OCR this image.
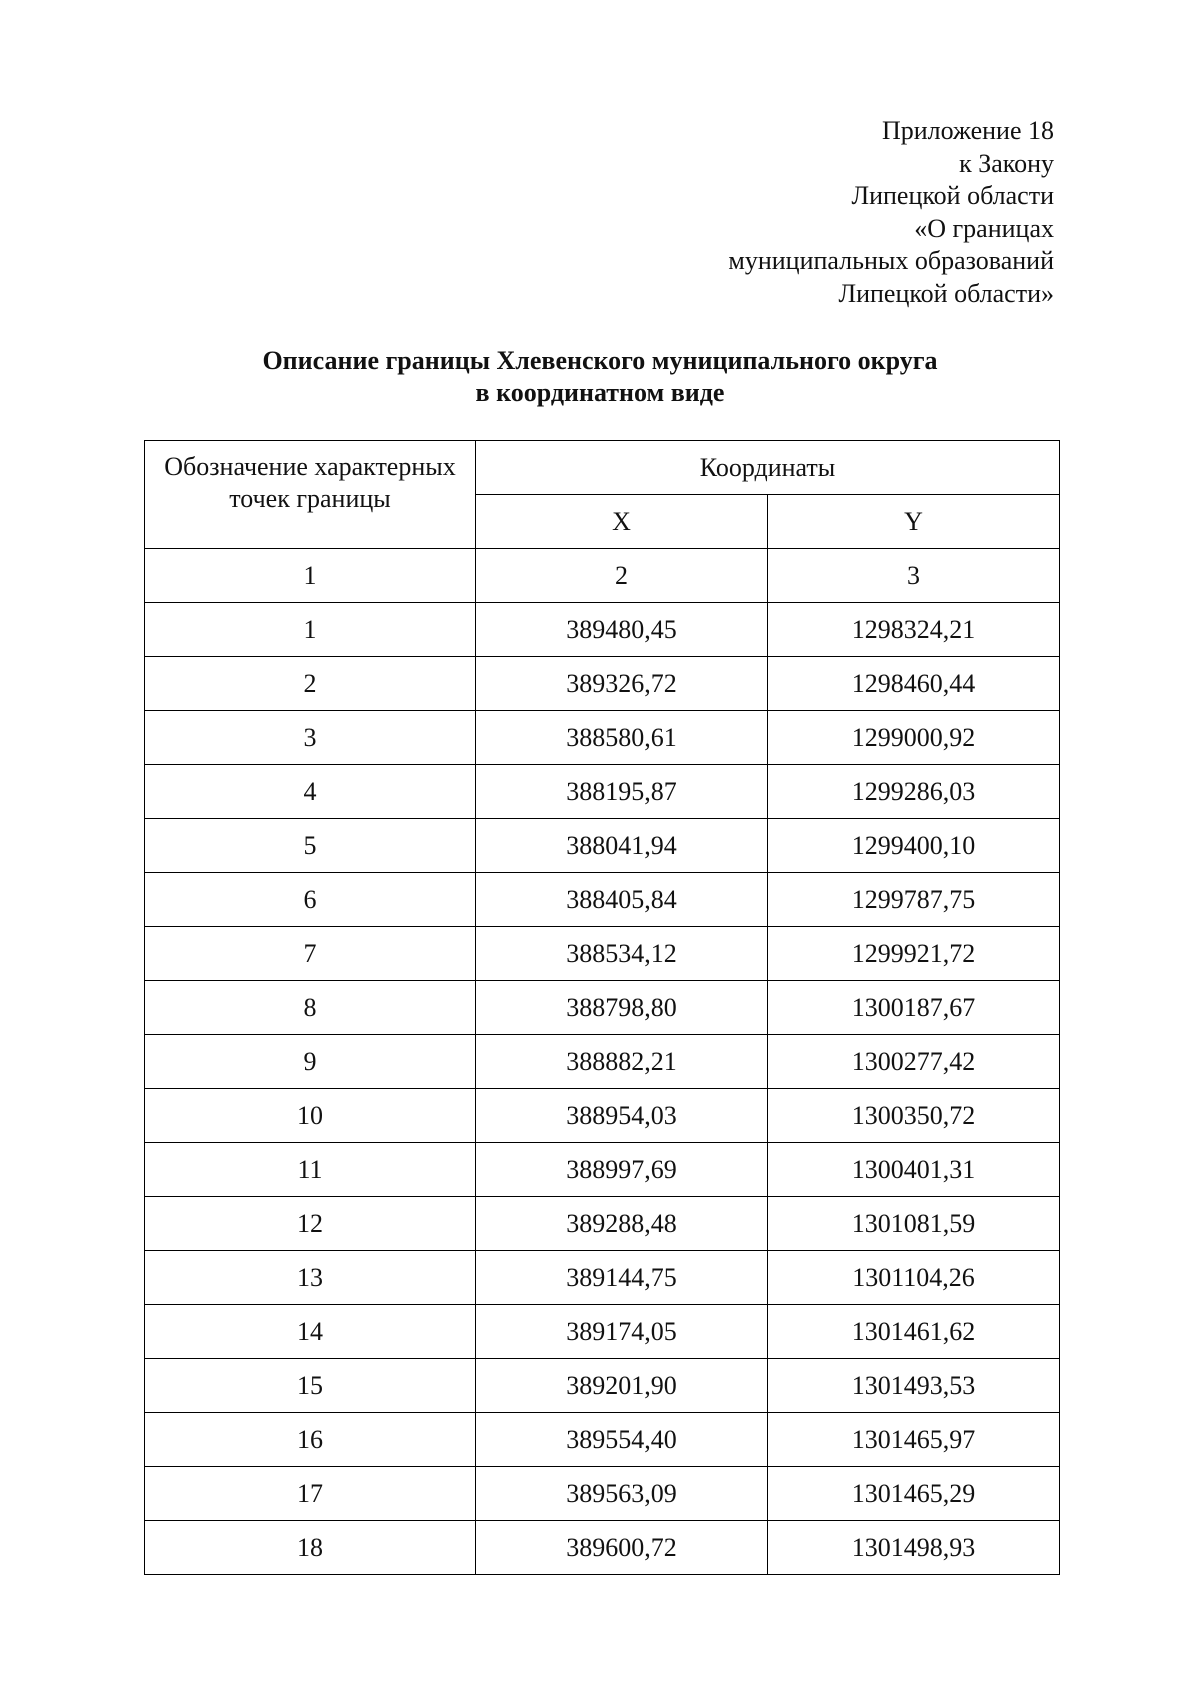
Приложение 18
к Закону
Липецкой области
«О границах
муниципальных образований
Липецкой области»
Описание границы Хлевенского муниципального округа
в координатном виде
Обозначение характерных
точек границы	Координаты	
	X	Y
1	2	3
1	389480,45	1298324,21
2	389326,72	1298460,44
3	388580,61	1299000,92
4	388195,87	1299286,03
5	388041,94	1299400,10
6	388405,84	1299787,75
7	388534,12	1299921,72
8	388798,80	1300187,67
9	388882,21	1300277,42
10	388954,03	1300350,72
11	388997,69	1300401,31
12	389288,48	1301081,59
13	389144,75	1301104,26
14	389174,05	1301461,62
15	389201,90	1301493,53
16	389554,40	1301465,97
17	389563,09	1301465,29
18	389600,72	1301498,93
